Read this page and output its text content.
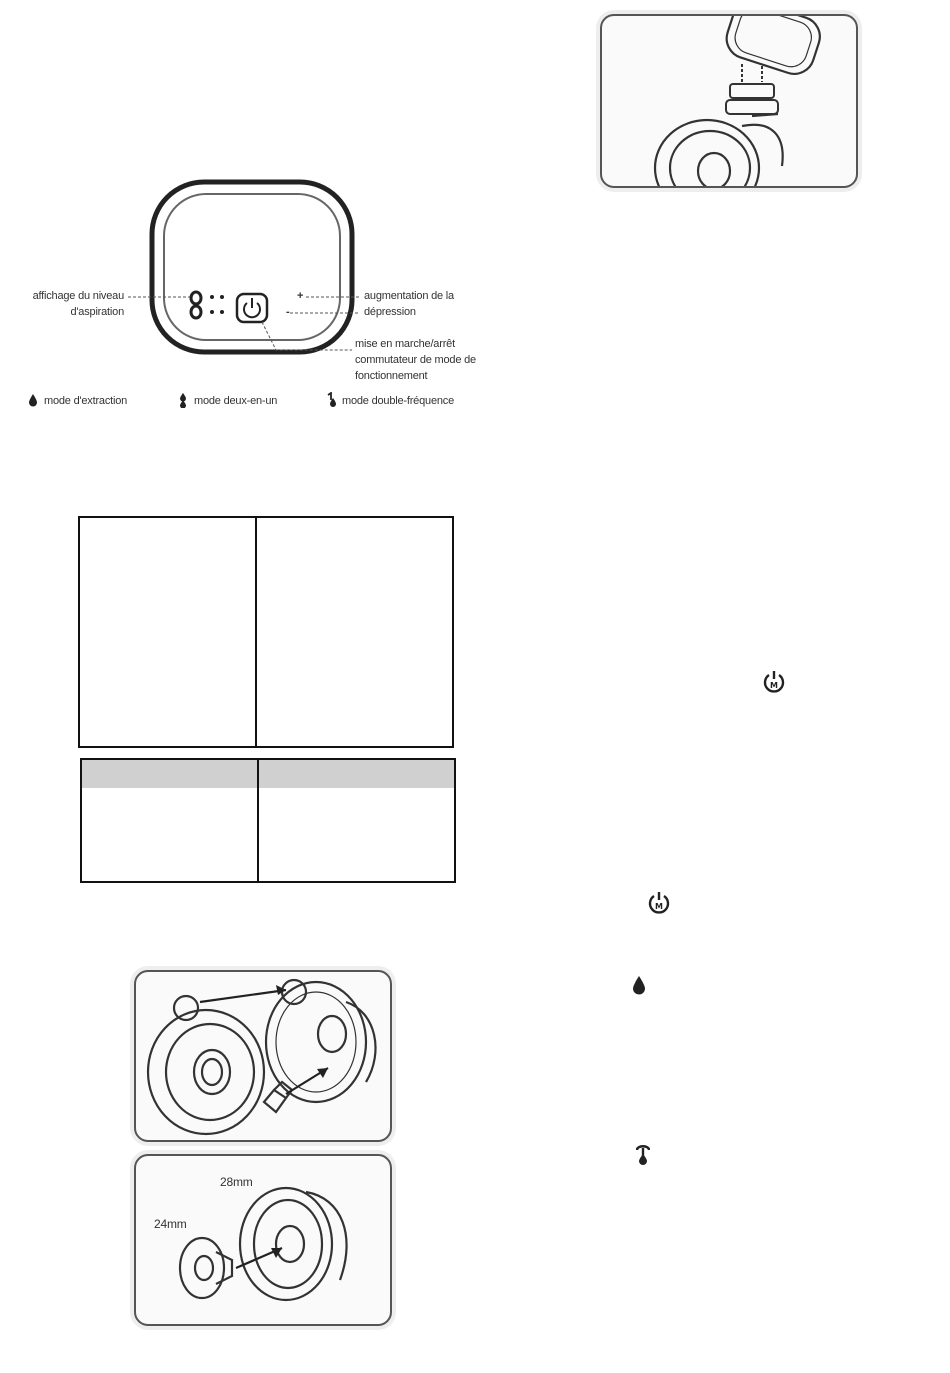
+
-
affichage du niveau d'aspiration
augmentation de la dépression
mise en marche/arrêt commutateur de mode de fonctionnement
mode d'extraction	mode deux-en-un	mode double-fréquence
28mm
24mm
M
M
